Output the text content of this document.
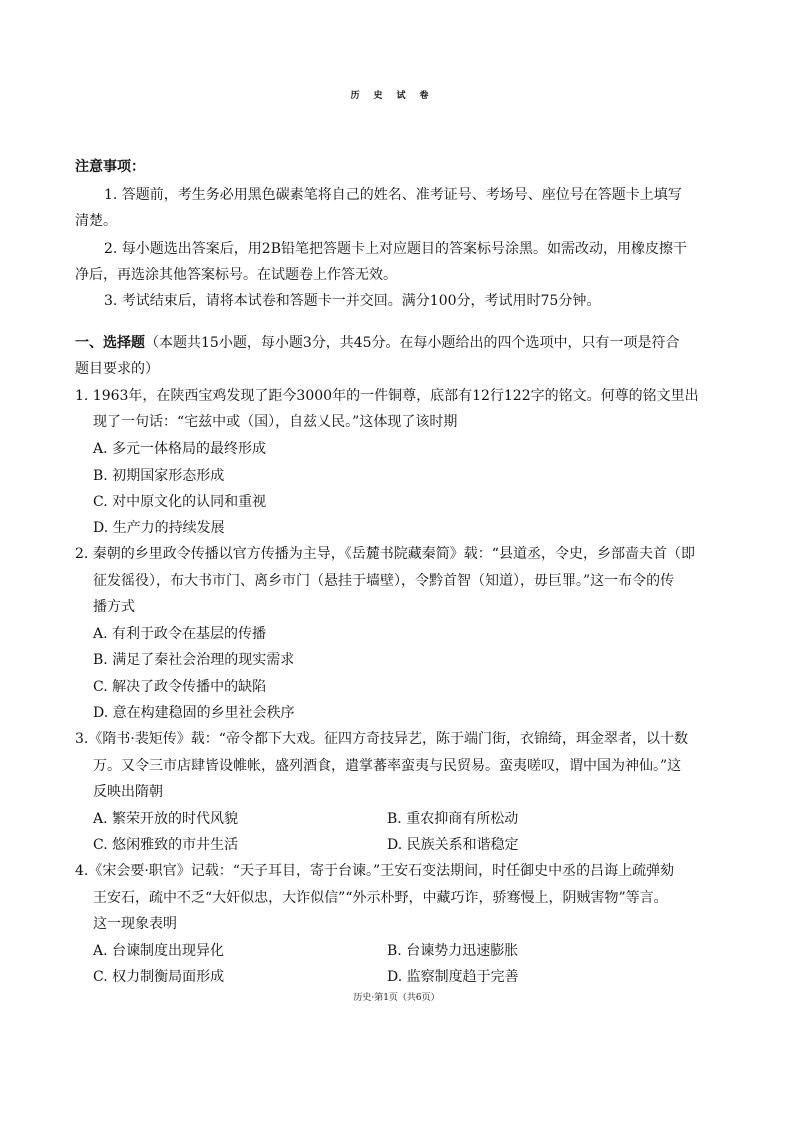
历史试卷
注意事项：
1. 答题前，考生务必用黑色碳素笔将自己的姓名、准考证号、考场号、座位号在答题卡上填写
清楚。
2. 每小题选出答案后，用2B铅笔把答题卡上对应题目的答案标号涂黑。如需改动，用橡皮擦干
净后，再选涂其他答案标号。在试题卷上作答无效。
3. 考试结束后，请将本试卷和答题卡一并交回。满分100分，考试用时75分钟。
一、选择题（本题共15小题，每小题3分，共45分。在每小题给出的四个选项中，只有一项是符合
题目要求的）
1. 1963年，在陕西宝鸡发现了距今3000年的一件铜尊，底部有12行122字的铭文。何尊的铭文里出
现了一句话：“宅兹中或（国），自兹乂民。”这体现了该时期
A. 多元一体格局的最终形成
B. 初期国家形态形成
C. 对中原文化的认同和重视
D. 生产力的持续发展
2. 秦朝的乡里政令传播以官方传播为主导，《岳麓书院藏秦简》载：“县道丞，令史，乡部啬夫首（即
征发徭役），布大书市门、离乡市门（悬挂于墙壁），令黔首智（知道），毋巨罪。”这一布令的传
播方式
A. 有利于政令在基层的传播
B. 满足了秦社会治理的现实需求
C. 解决了政令传播中的缺陷
D. 意在构建稳固的乡里社会秩序
3.《隋书·裴矩传》载：“帝令都下大戏。征四方奇技异艺，陈于端门街，衣锦绮，珥金翠者，以十数
万。又令三市店肆皆设帷帐，盛列酒食，遣掌蕃率蛮夷与民贸易。蛮夷嗟叹，谓中国为神仙。”这
反映出隋朝
A. 繁荣开放的时代风貌	B. 重农抑商有所松动
C. 悠闲雅致的市井生活	D. 民族关系和谐稳定
4.《宋会要·职官》记载：“天子耳目，寄于台谏。”王安石变法期间，时任御史中丞的吕诲上疏弹劾
王安石，疏中不乏“大奸似忠，大诈似信”“外示朴野，中藏巧诈，骄骞慢上，阴贼害物”等言。
这一现象表明
A. 台谏制度出现异化	B. 台谏势力迅速膨胀
C. 权力制衡局面形成	D. 监察制度趋于完善
历史·第1页（共6页）
